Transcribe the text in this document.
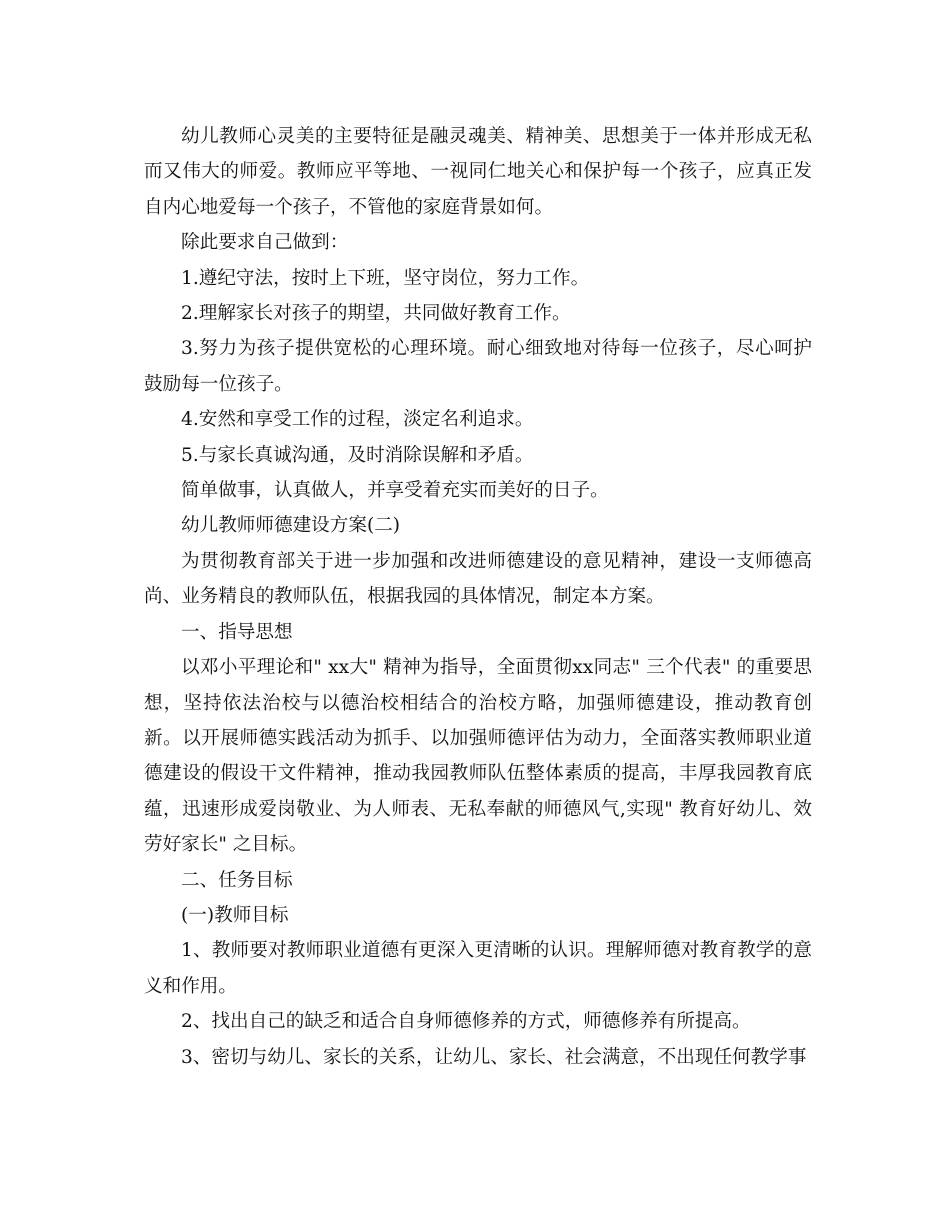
幼儿教师心灵美的主要特征是融灵魂美、精神美、思想美于一体并形成无私而又伟大的师爱。教师应平等地、一视同仁地关心和保护每一个孩子，应真正发自内心地爱每一个孩子，不管他的家庭背景如何。

除此要求自己做到：

1.遵纪守法，按时上下班，坚守岗位，努力工作。

2.理解家长对孩子的期望，共同做好教育工作。

3.努力为孩子提供宽松的心理环境。耐心细致地对待每一位孩子，尽心呵护鼓励每一位孩子。

4.安然和享受工作的过程，淡定名利追求。

5.与家长真诚沟通，及时消除误解和矛盾。

简单做事，认真做人，并享受着充实而美好的日子。

幼儿教师师德建设方案(二)

为贯彻教育部关于进一步加强和改进师德建设的意见精神，建设一支师德高尚、业务精良的教师队伍，根据我园的具体情况，制定本方案。

一、指导思想

以邓小平理论和" xx大" 精神为指导，全面贯彻xx同志" 三个代表" 的重要思想，坚持依法治校与以德治校相结合的治校方略，加强师德建设，推动教育创新。以开展师德实践活动为抓手、以加强师德评估为动力，全面落实教师职业道德建设的假设干文件精神，推动我园教师队伍整体素质的提高，丰厚我园教育底蕴，迅速形成爱岗敬业、为人师表、无私奉献的师德风气,实现" 教育好幼儿、效劳好家长" 之目标。

二、任务目标

(一)教师目标

1、教师要对教师职业道德有更深入更清晰的认识。理解师德对教育教学的意义和作用。

2、找出自己的缺乏和适合自身师德修养的方式，师德修养有所提高。

3、密切与幼儿、家长的关系，让幼儿、家长、社会满意，不出现任何教学事
